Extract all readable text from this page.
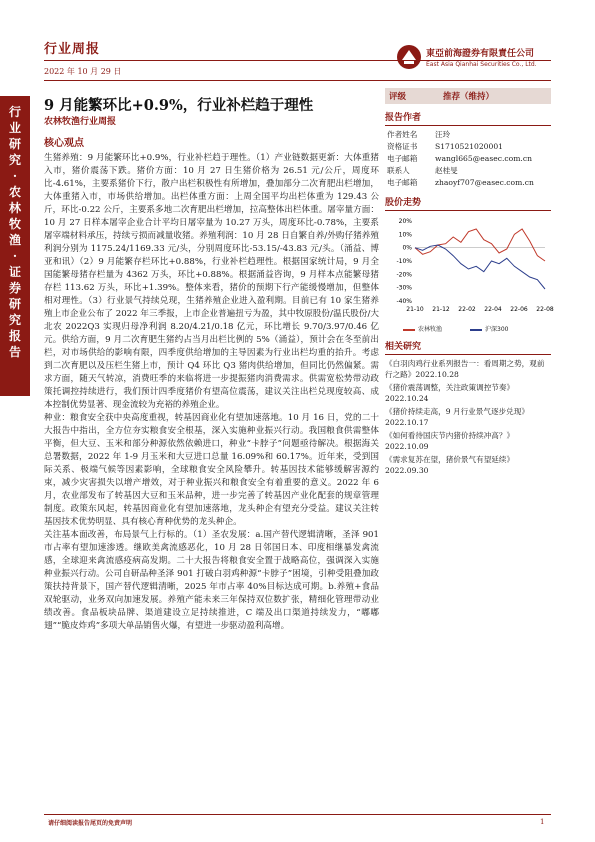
行业周报
2022 年 10 月 29 日
東亞前海證券有限責任公司
East Asia Qianhai Securities Co., Ltd.
行业研究·农林牧渔·证券研究报告
9 月能繁环比+0.9%，行业补栏趋于理性
农林牧渔行业周报
核心观点

生猪养殖：9 月能繁环比+0.9%，行业补栏趋于理性。（1）产业链数据更新：大体重猪入市，猪价震荡下跌。猪价方面：10 月 27 日生猪价格为 26.51 元/公斤，周度环比-4.61%，主要系猪价下行，散户出栏积极性有所增加，叠加部分二次育肥出栏增加，大体重猪入市，市场供给增加。出栏体重方面：上周全国平均出栏体重为 129.43 公斤，环比-0.22 公斤，主要系多地二次育肥出栏增加，拉高整体出栏体重。屠宰量方面：10 月 27 日样本屠宰企业合计平均日屠宰量为 10.27 万头，周度环比-0.78%，主要系屠宰端材料承压，持续亏损而减量收猪。养殖利润：10 月 28 日自繁自养/外购仔猪养殖利润分别为 1175.24/1169.33 元/头，分别周度环比-53.15/-43.83 元/头。（涌益、博亚和讯）（2）9 月能繁存栏环比+0.88%，行业补栏趋理性。根据国家统计局，9 月全国能繁母猪存栏量为 4362 万头，环比+0.88%。根据涌益咨询，9 月样本点能繁母猪存栏 113.62 万头，环比+1.39%。整体来看，猪价的预期下行产能缓慢增加，但整体相对理性。（3）行业景气持续兑现，生猪养殖企业进入盈利期。目前已有 10 家生猪养殖上市企业公布了 2022 年三季报，上市企业普遍扭亏为盈，其中牧原股份/温氏股份/大北农 2022Q3 实现归母净利润 8.20/4.21/0.18 亿元，环比增长 9.70/3.97/0.46 亿元。供给方面，9 月二次育肥生猪约占当月出栏比例的 5%（涌益），预计会在冬至前出栏，对市场供给的影响有限，四季度供给增加的主导因素为行业出栏均重的抬升。考虑到二次育肥以及压栏生猪上市，预计 Q4 环比 Q3 猪肉供给增加，但同比仍然偏紧。需求方面，随天气转凉，消费旺季的来临将进一步提振猪肉消费需求。供需宽松势带动政策托调控持续进行，我们预计四季度猪价有望高位震荡，建议关注出栏兑现度较高、成本控制优势显著、现金流较为充裕的养殖企业。

种业：粮食安全获中央高度重视，转基因商业化有望加速落地。10 月 16 日，党的二十大报告中指出，全方位夯实粮食安全根基，深入实施种业振兴行动。我国粮食供需整体平衡，但大豆、玉米和部分种源依然依赖进口，种业“卡脖子”问题亟待解决。根据海关总署数据，2022 年 1-9 月玉米和大豆进口总量 16.09%和 60.17%。近年来，受到国际关系、极端气候等因素影响，全球粮食安全风险攀升。转基因技术能够缓解害源约束，减少灾害损失以增产增效，对于种业振兴和粮食安全有着重要的意义。2022 年 6 月，农业部发布了转基因大豆和玉米品种，进一步完善了转基因产业化配套的规章管理制度。政策东风起，转基因商业化有望加速落地，龙头种企有望充分受益。建议关注转基因技术优势明显、具有核心育种优势的龙头种企。

关注基本面改善，布局景气上行标的。（1）圣农发展：a.国产替代逻辑清晰，圣泽 901 市占率有望加速渗透。继欧美禽流感恶化，10 月 28 日邻国日本、印度相继暴发禽流感，全球迎来禽流感疫病高发期。二十大报告将粮食安全置于战略高位，强调深入实施种业振兴行动。公司自研品种圣泽 901 打破白羽鸡种源“卡脖子”困境，引种受阻叠加政策扶持背景下，国产替代逻辑清晰，2025 年市占率 40%目标达成可期。b.养殖+食品双轮驱动，业务双向加速发展。养殖产能未来三年保持双位数扩张，精细化管理带动业绩改善。食品板块品牌、渠道建设立足持续推进，C 端及出口渠道持续发力，“嘟嘟翅”“脆皮炸鸡”多项大单品销售火爆，有望进一步驱动盈利高增。

评级	推荐（维持）
报告作者
作者姓名	汪玲
资格证书	S1710521020001
电子邮箱	wangl665@easec.com.cn
联系人	赵桂旻
电子邮箱	zhaoyf707@easec.com.cn
股价走势
20%
10%
0%
-10%
-20%
-30%
-40%
21-10 21-12 22-02 22-04 22-06 22-08
农林牧渔	沪深300
相关研究
《白羽肉鸡行业系列报告一：看周期之势，观前行之路》2022.10.28
《猪价震荡调整，关注政策调控节奏》2022.10.24
《猪价持续走高，9 月行业景气逐步兑现》2022.10.17
《如何看待国庆节内猪价持续冲高？》2022.10.09
《需求复苏在望，猪价景气有望延续》2022.09.30
请仔细阅读报告尾页的免责声明	1
